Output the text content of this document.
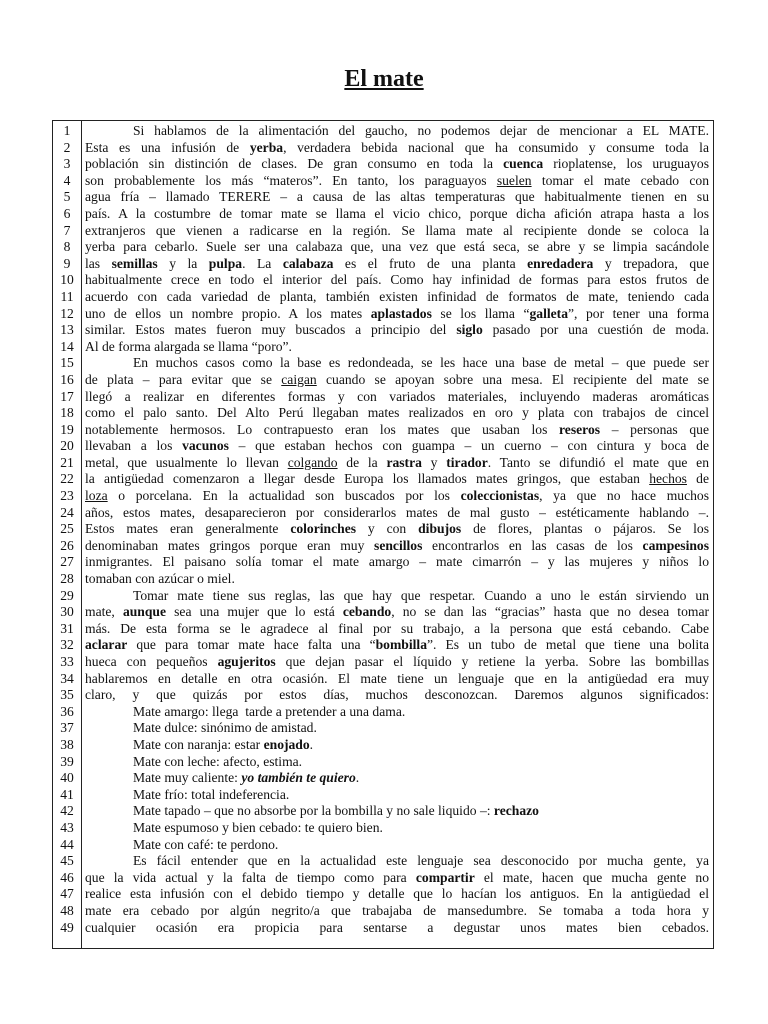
El mate
1	Si hablamos de la alimentación del gaucho, no podemos dejar de mencionar a EL MATE.
2	Esta es una infusión de yerba, verdadera bebida nacional que ha consumido y consume toda la
3	población sin distinción de clases. De gran consumo en toda la cuenca rioplatense, los uruguayos
4	son probablemente los más “materos”. En tanto, los paraguayos suelen tomar el mate cebado con
5	agua fría – llamado TERERE – a causa de las altas temperaturas que habitualmente tienen en su
6	país. A la costumbre de tomar mate se llama el vicio chico, porque dicha afición atrapa hasta a los
7	extranjeros que vienen a radicarse en la región. Se llama mate al recipiente donde se coloca la
8	yerba para cebarlo. Suele ser una calabaza que, una vez que está seca, se abre y se limpia sacándole
9	las semillas y la pulpa. La calabaza es el fruto de una planta enredadera y trepadora, que
10 habitualmente crece en todo el interior del país. Como hay infinidad de formas para estos frutos de
11 acuerdo con cada variedad de planta, también existen infinidad de formatos de mate, teniendo cada
12 uno de ellos un nombre propio. A los mates aplastados se los llama “galleta”, por tener una forma
13 similar. Estos mates fueron muy buscados a principio del siglo pasado por una cuestión de moda.
14 Al de forma alargada se llama “poro”.
15	En muchos casos como la base es redondeada, se les hace una base de metal – que puede ser
16 de plata – para evitar que se caigan cuando se apoyan sobre una mesa. El recipiente del mate se
17 llegó a realizar en diferentes formas y con variados materiales, incluyendo maderas aromáticas
18 como el palo santo. Del Alto Perú llegaban mates realizados en oro y plata con trabajos de cincel
19 notablemente hermosos. Lo contrapuesto eran los mates que usaban los reseros – personas que
20 llevaban a los vacunos – que estaban hechos con guampa – un cuerno – con cintura y boca de
21 metal, que usualmente lo llevan colgando de la rastra y tirador. Tanto se difundió el mate que en
22 la antigüedad comenzaron a llegar desde Europa los llamados mates gringos, que estaban hechos de
23 loza o porcelana. En la actualidad son buscados por los coleccionistas, ya que no hace muchos
24 años, estos mates, desaparecieron por considerarlos mates de mal gusto – estéticamente hablando –.
25 Estos mates eran generalmente colorinches y con dibujos de flores, plantas o pájaros. Se los
26 denominaban mates gringos porque eran muy sencillos encontrarlos en las casas de los campesinos
27 inmigrantes. El paisano solía tomar el mate amargo – mate cimarrón – y las mujeres y niños lo
28 tomaban con azúcar o miel.
29	Tomar mate tiene sus reglas, las que hay que respetar. Cuando a uno le están sirviendo un
30 mate, aunque sea una mujer que lo está cebando, no se dan las “gracias” hasta que no desea tomar
31 más. De esta forma se le agradece al final por su trabajo, a la persona que está cebando. Cabe
32 aclarar que para tomar mate hace falta una “bombilla”. Es un tubo de metal que tiene una bolita
33 hueca con pequeños agujeritos que dejan pasar el líquido y retiene la yerba. Sobre las bombillas
34 hablaremos en detalle en otra ocasión. El mate tiene un lenguaje que en la antigüedad era muy
35 claro, y que quizás por estos días, muchos desconozcan. Daremos algunos significados:
36	Mate amargo: llega  tarde a pretender a una dama.
37	Mate dulce: sinónimo de amistad.
38	Mate con naranja: estar enojado.
39	Mate con leche: afecto, estima.
40	Mate muy caliente: yo también te quiero.
41	Mate frío: total indeferencia.
42	Mate tapado – que no absorbe por la bombilla y no sale liquido –: rechazo
43	Mate espumoso y bien cebado: te quiero bien.
44	Mate con café: te perdono.
45	Es fácil entender que en la actualidad este lenguaje sea desconocido por mucha gente, ya
46 que la vida actual y la falta de tiempo como para compartir el mate, hacen que mucha gente no
47 realice esta infusión con el debido tiempo y detalle que lo hacían los antiguos. En la antigüedad el
48 mate era cebado por algún negrito/a que trabajaba de mansedumbre. Se tomaba a toda hora y
49 cualquier ocasión era propicia para sentarse a degustar unos mates bien cebados.
